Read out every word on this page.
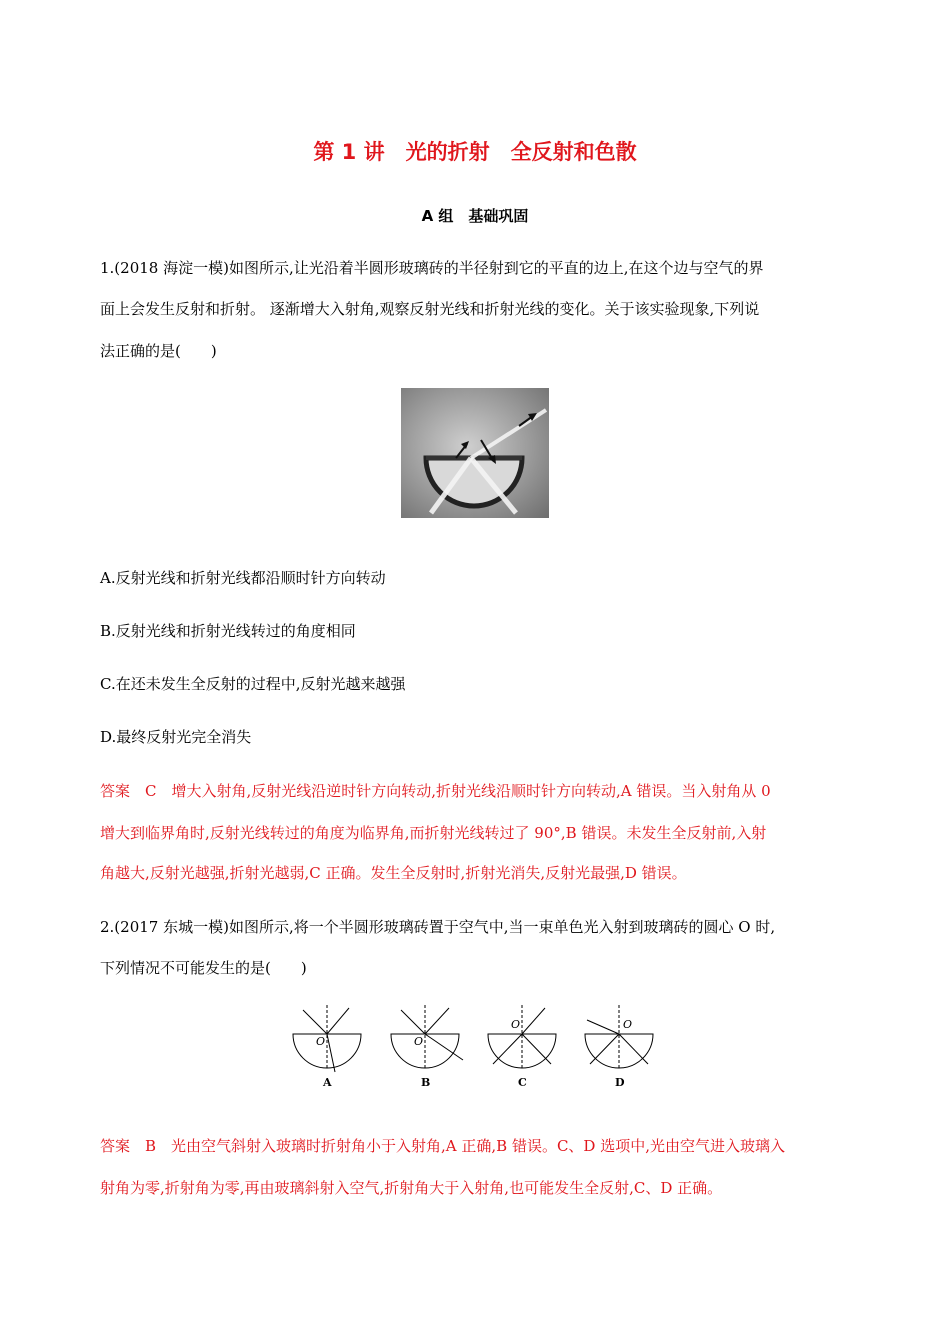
第 1 讲　光的折射　全反射和色散
A 组　基础巩固
1.(2018 海淀一模)如图所示,让光沿着半圆形玻璃砖的半径射到它的平直的边上,在这个边与空气的界
面上会发生反射和折射。 逐渐增大入射角,观察反射光线和折射光线的变化。关于该实验现象,下列说
法正确的是(　　)
A.反射光线和折射光线都沿顺时针方向转动
B.反射光线和折射光线转过的角度相同
C.在还未发生全反射的过程中,反射光越来越强
D.最终反射光完全消失
答案　C　增大入射角,反射光线沿逆时针方向转动,折射光线沿顺时针方向转动,A 错误。当入射角从 0
增大到临界角时,反射光线转过的角度为临界角,而折射光线转过了 90°,B 错误。未发生全反射前,入射
角越大,反射光越强,折射光越弱,C 正确。发生全反射时,折射光消失,反射光最强,D 错误。
2.(2017 东城一模)如图所示,将一个半圆形玻璃砖置于空气中,当一束单色光入射到玻璃砖的圆心 O 时,
下列情况不可能发生的是(　　)
O
A
O
B
O
C
O
D
答案　B　光由空气斜射入玻璃时折射角小于入射角,A 正确,B 错误。C、D 选项中,光由空气进入玻璃入
射角为零,折射角为零,再由玻璃斜射入空气,折射角大于入射角,也可能发生全反射,C、D 正确。
